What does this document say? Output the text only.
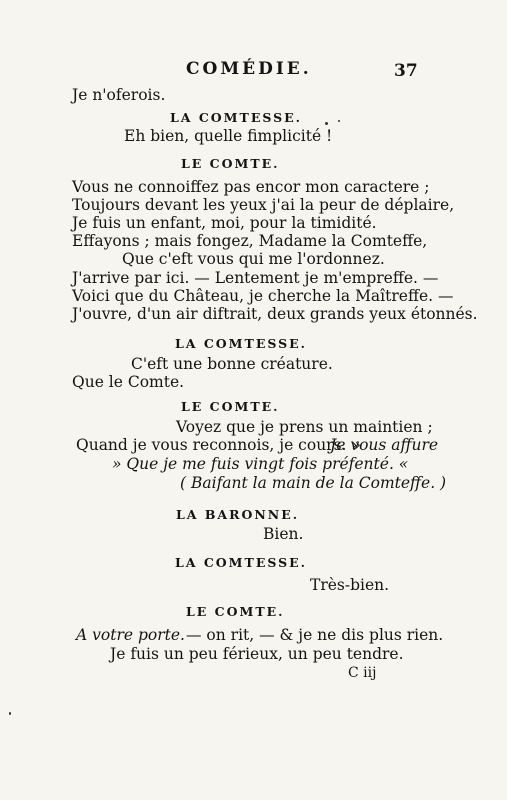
COMÉDIE.	37
Je n'oferois.
LA COMTESSE.
Eh bien, quelle fimplicité !
LE COMTE.
Vous ne connoiffez pas encor mon caractere ;
Toujours devant les yeux j'ai la peur de déplaire,
Je fuis un enfant, moi, pour la timidité.
Effayons ; mais fongez, Madame la Comteffe,
Que c'eft vous qui me l'ordonnez.
J'arrive par ici. — Lentement je m'empreffe. —
Voici que du Château, je cherche la Maîtreffe. —
J'ouvre, d'un air diftrait, deux grands yeux étonnés.
LA COMTESSE.
C'eft une bonne créature.
Que le Comte.
LE COMTE.
Voyez que je prens un maintien ;
Quand je vous reconnois, je cours. »
Je vous affure
» Que je me fuis vingt fois préfenté. «
( Baifant la main de la Comteffe. )
LA BARONNE.
Bien.
LA COMTESSE.
Très-bien.
LE COMTE.
A votre porte. — on rit, — & je ne dis plus rien.
Je fuis un peu férieux, un peu tendre.
C iij
